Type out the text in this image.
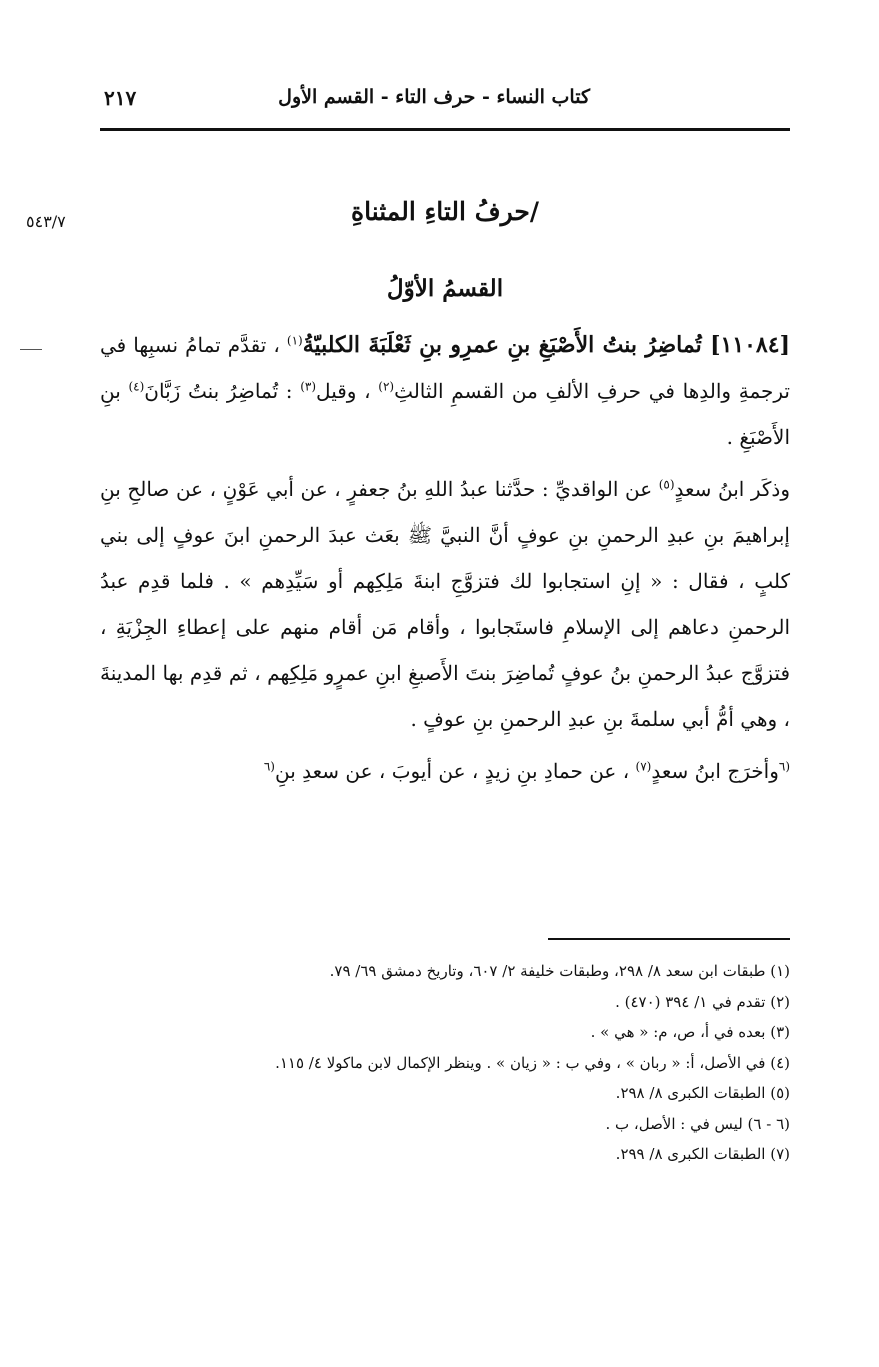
كتاب النساء - حرف التاء - القسم الأول
٢١٧
٥٤٣/٧	/حرفُ التاءِ المثناةِ
القسمُ الأوّلُ

[١١٠٨٤] تُماضِرُ بنتُ الأَصْبَغِ بنِ عمرِو بنِ ثَعْلَبَةَ الكلبيّةُ$^{(١)}$ ، تقدَّم تمامُ نسبِها في ترجمةِ والدِها في حرفِ الألفِ من القسمِ الثالثِ$^{(٢)}$ ، وقيل$^{(٣)}$ : تُماضِرُ بنتُ زَبَّانَ$^{(٤)}$ بنِ الأَصْبَغِ .

وذكَر ابنُ سعدٍ$^{(٥)}$ عن الواقديِّ : حدَّثنا عبدُ اللهِ بنُ جعفرٍ ، عن أبي عَوْنٍ ، عن صالحِ بنِ إبراهيمَ بنِ عبدِ الرحمنِ بنِ عوفٍ أنَّ النبيَّ ﷺ بعَث عبدَ الرحمنِ ابنَ عوفٍ إلى بني كلبٍ ، فقال : « إنِ استجابوا لك فتزوَّجِ ابنةَ مَلِكِهم أو سَيِّدِهم » . فلما قدِم عبدُ الرحمنِ دعاهم إلى الإسلامِ فاستَجابوا ، وأقام مَن أقام منهم على إعطاءِ الجِزْيَةِ ، فتزوَّج عبدُ الرحمنِ بنُ عوفٍ تُماضِرَ بنتَ الأَصبغِ ابنِ عمرٍو مَلِكِهم ، ثم قدِم بها المدينةَ ، وهي أمُّ أبي سلمةَ بنِ عبدِ الرحمنِ بنِ عوفٍ .

$^{(٦}$وأخرَج ابنُ سعدٍ$^{(٧)}$ ، عن حمادِ بنِ زيدٍ ، عن أيوبَ ، عن سعدِ بنِ$^{(٦}$

(١) طبقات ابن سعد ٨/ ٢٩٨، وطبقات خليفة ٢/ ٦٠٧، وتاريخ دمشق ٦٩/ ٧٩.
(٢) تقدم في ١/ ٣٩٤ (٤٧٠) .
(٣) بعده في أ، ص، م: « هي » .
(٤) في الأصل، أ: « ربان » ، وفي ب : « زيان » . وينظر الإكمال لابن ماكولا ٤/ ١١٥.
(٥) الطبقات الكبرى ٨/ ٢٩٨.
(٦ - ٦) ليس في : الأصل، ب .
(٧) الطبقات الكبرى ٨/ ٢٩٩.
